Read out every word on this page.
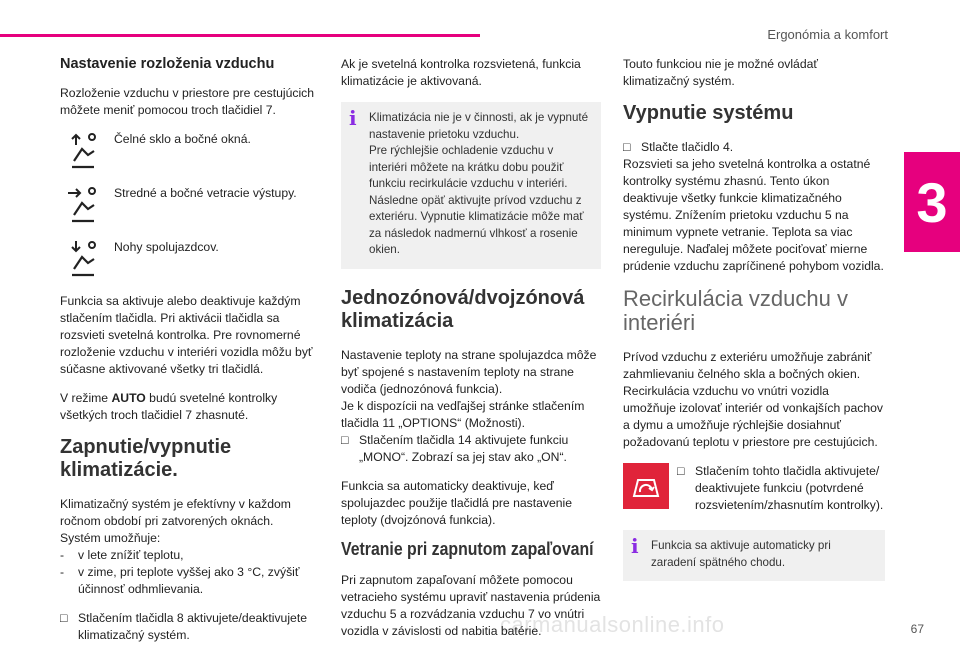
Ergonómia a komfort
3
67
carmanualsonline.info
Nastavenie rozloženia vzduchu

Rozloženie vzduchu v priestore pre cestujúcich môžete meniť pomocou troch tlačidiel 7.

Čelné sklo a bočné okná.
Stredné a bočné vetracie výstupy.
Nohy spolujazdcov.

Funkcia sa aktivuje alebo deaktivuje každým stlačením tlačidla. Pri aktivácii tlačidla sa rozsvieti svetelná kontrolka. Pre rovnomerné rozloženie vzduchu v interiéri vozidla môžu byť súčasne aktivované všetky tri tlačidlá.

V režime AUTO budú svetelné kontrolky všetkých troch tlačidiel 7 zhasnuté.

Zapnutie/vypnutie klimatizácie.

Klimatizačný systém je efektívny v každom ročnom období pri zatvorených oknách.

Systém umožňuje:

-	v lete znížiť teplotu,
-	v zime, pri teplote vyššej ako 3 °C, zvýšiť účinnosť odhmlievania.
□ Stlačením tlačidla 8 aktivujete/deaktivujete klimatizačný systém.

Ak je svetelná kontrolka rozsvietená, funkcia klimatizácie je aktivovaná.

i Klimatizácia nie je v činnosti, ak je vypnuté nastavenie prietoku vzduchu.
Pre rýchlejšie ochladenie vzduchu v interiéri môžete na krátku dobu použiť funkciu recirkulácie vzduchu v interiéri. Následne opäť aktivujte prívod vzduchu z exteriéru. Vypnutie klimatizácie môže mať za následok nadmernú vlhkosť a rosenie okien.
Jednozónová/dvojzónová klimatizácia

Nastavenie teploty na strane spolujazdca môže byť spojené s nastavením teploty na strane vodiča (jednozónová funkcia).

Je k dispozícii na vedľajšej stránke stlačením tlačidla 11 „OPTIONS“ (Možnosti).

□ Stlačením tlačidla 14 aktivujete funkciu „MONO“. Zobrazí sa jej stav ako „ON“.

Funkcia sa automaticky deaktivuje, keď spolujazdec použije tlačidlá pre nastavenie teploty (dvojzónová funkcia).

Vetranie pri zapnutom zapaľovaní

Pri zapnutom zapaľovaní môžete pomocou vetracieho systému upraviť nastavenia prúdenia vzduchu 5 a rozvádzania vzduchu 7 vo vnútri vozidla v závislosti od nabitia batérie.

Touto funkciou nie je možné ovládať klimatizačný systém.

Vypnutie systému
□ Stlačte tlačidlo 4.

Rozsvieti sa jeho svetelná kontrolka a ostatné kontrolky systému zhasnú. Tento úkon deaktivuje všetky funkcie klimatizačného systému. Znížením prietoku vzduchu 5 na minimum vypnete vetranie. Teplota sa viac nereguluje. Naďalej môžete pociťovať mierne prúdenie vzduchu zapríčinené pohybom vozidla.

Recirkulácia vzduchu v interiéri

Prívod vzduchu z exteriéru umožňuje zabrániť zahmlievaniu čelného skla a bočných okien. Recirkulácia vzduchu vo vnútri vozidla umožňuje izolovať interiér od vonkajších pachov a dymu a umožňuje rýchlejšie dosiahnuť požadovanú teplotu v priestore pre cestujúcich.

□ Stlačením tohto tlačidla aktivujete/ deaktivujete funkciu (potvrdené rozsvietením/zhasnutím kontrolky).
i Funkcia sa aktivuje automaticky pri zaradení spätného chodu.
